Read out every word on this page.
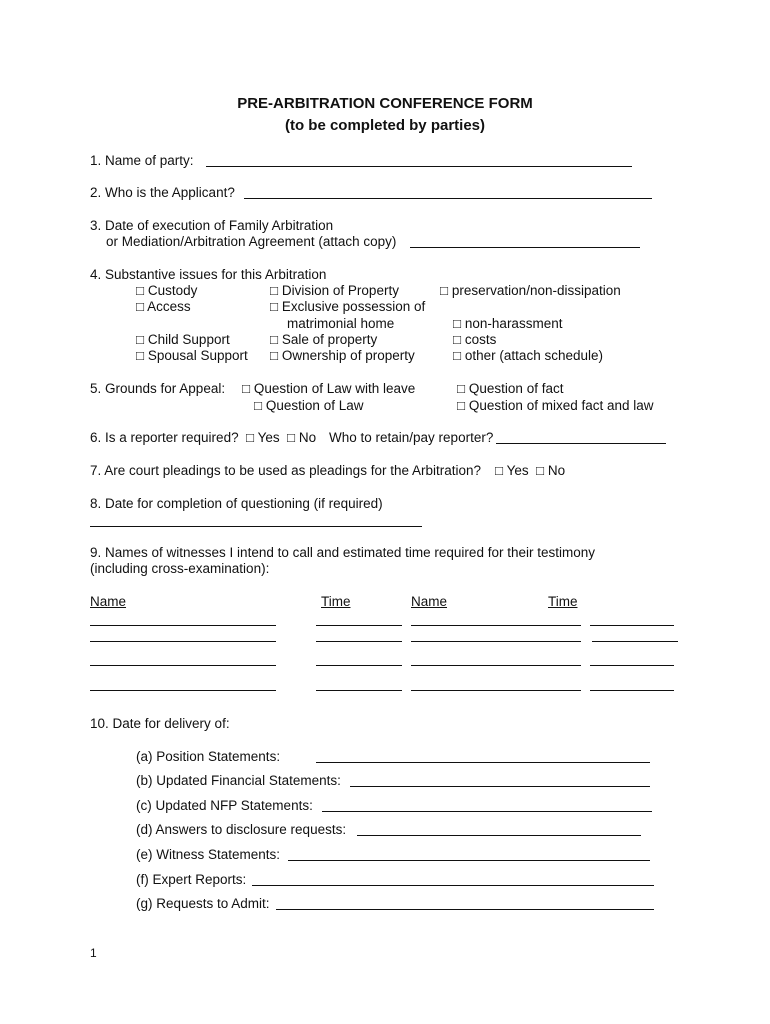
PRE-ARBITRATION CONFERENCE FORM
(to be completed by parties)
1. Name of party:
2. Who is the Applicant?
3. Date of execution of Family Arbitration
or Mediation/Arbitration Agreement (attach copy)
4. Substantive issues for this Arbitration
□ Custody	□ Division of Property	□ preservation/non-dissipation
□ Access	□ Exclusive possession of
matrimonial home	□ non-harassment
□ Child Support	□ Sale of property	□ costs
□ Spousal Support □ Ownership of property	□ other (attach schedule)
5. Grounds for Appeal: □ Question of Law with leave	□ Question of fact
□ Question of Law	□ Question of mixed fact and law
6. Is a reporter required? □ Yes □ No Who to retain/pay reporter?
7. Are court pleadings to be used as pleadings for the Arbitration? □ Yes □ No
8. Date for completion of questioning (if required)
9. Names of witnesses I intend to call and estimated time required for their testimony
(including cross-examination):
Name	Time	Name	Time
10. Date for delivery of:
(a) Position Statements:
(b) Updated Financial Statements:
(c) Updated NFP Statements:
(d) Answers to disclosure requests:
(e) Witness Statements:
(f) Expert Reports:
(g) Requests to Admit:
1
